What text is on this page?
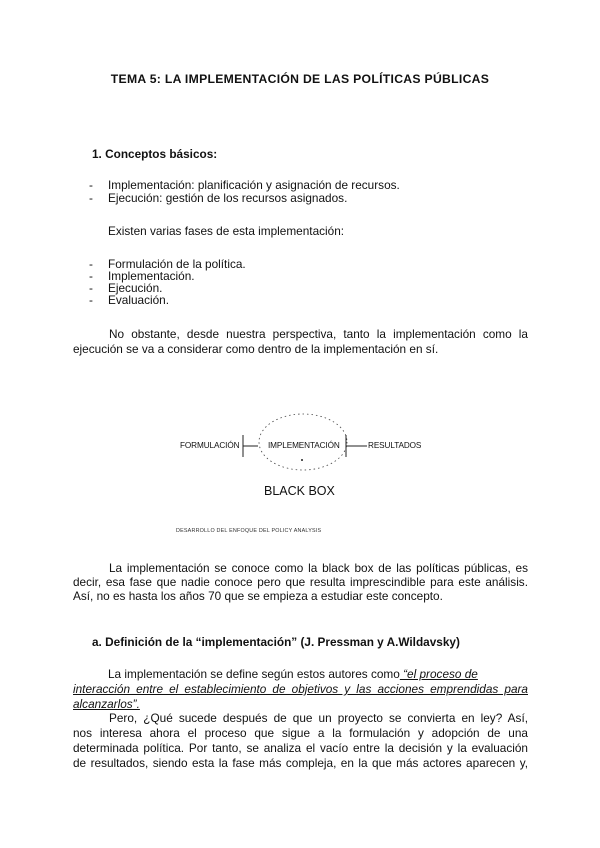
TEMA 5: LA IMPLEMENTACIÓN DE LAS POLÍTICAS PÚBLICAS
1. Conceptos básicos:
- Implementación: planificación y asignación de recursos.
- Ejecución: gestión de los recursos asignados.
Existen varias fases de esta implementación:
- Formulación de la política.
- Implementación.
- Ejecución.
- Evaluación.
No obstante, desde nuestra perspectiva, tanto la implementación como la
ejecución se va a considerar como dentro de la implementación en sí.
FORMULACIÓN	IMPLEMENTACIÓN	RESULTADOS
BLACK BOX
DESARROLLO DEL ENFOQUE DEL POLICY ANALYSIS
La implementación se conoce como la black box de las políticas públicas, es
decir, esa fase que nadie conoce pero que resulta imprescindible para este análisis.
Así, no es hasta los años 70 que se empieza a estudiar este concepto.
a. Definición de la “implementación” (J. Pressman y A.Wildavsky)
La implementación se define según estos autores como “el proceso de
interacción entre el establecimiento de objetivos y las acciones emprendidas para
alcanzarlos”.
Pero, ¿Qué sucede después de que un proyecto se convierta en ley? Así,
nos interesa ahora el proceso que sigue a la formulación y adopción de una
determinada política. Por tanto, se analiza el vacío entre la decisión y la evaluación
de resultados, siendo esta la fase más compleja, en la que más actores aparecen y,
